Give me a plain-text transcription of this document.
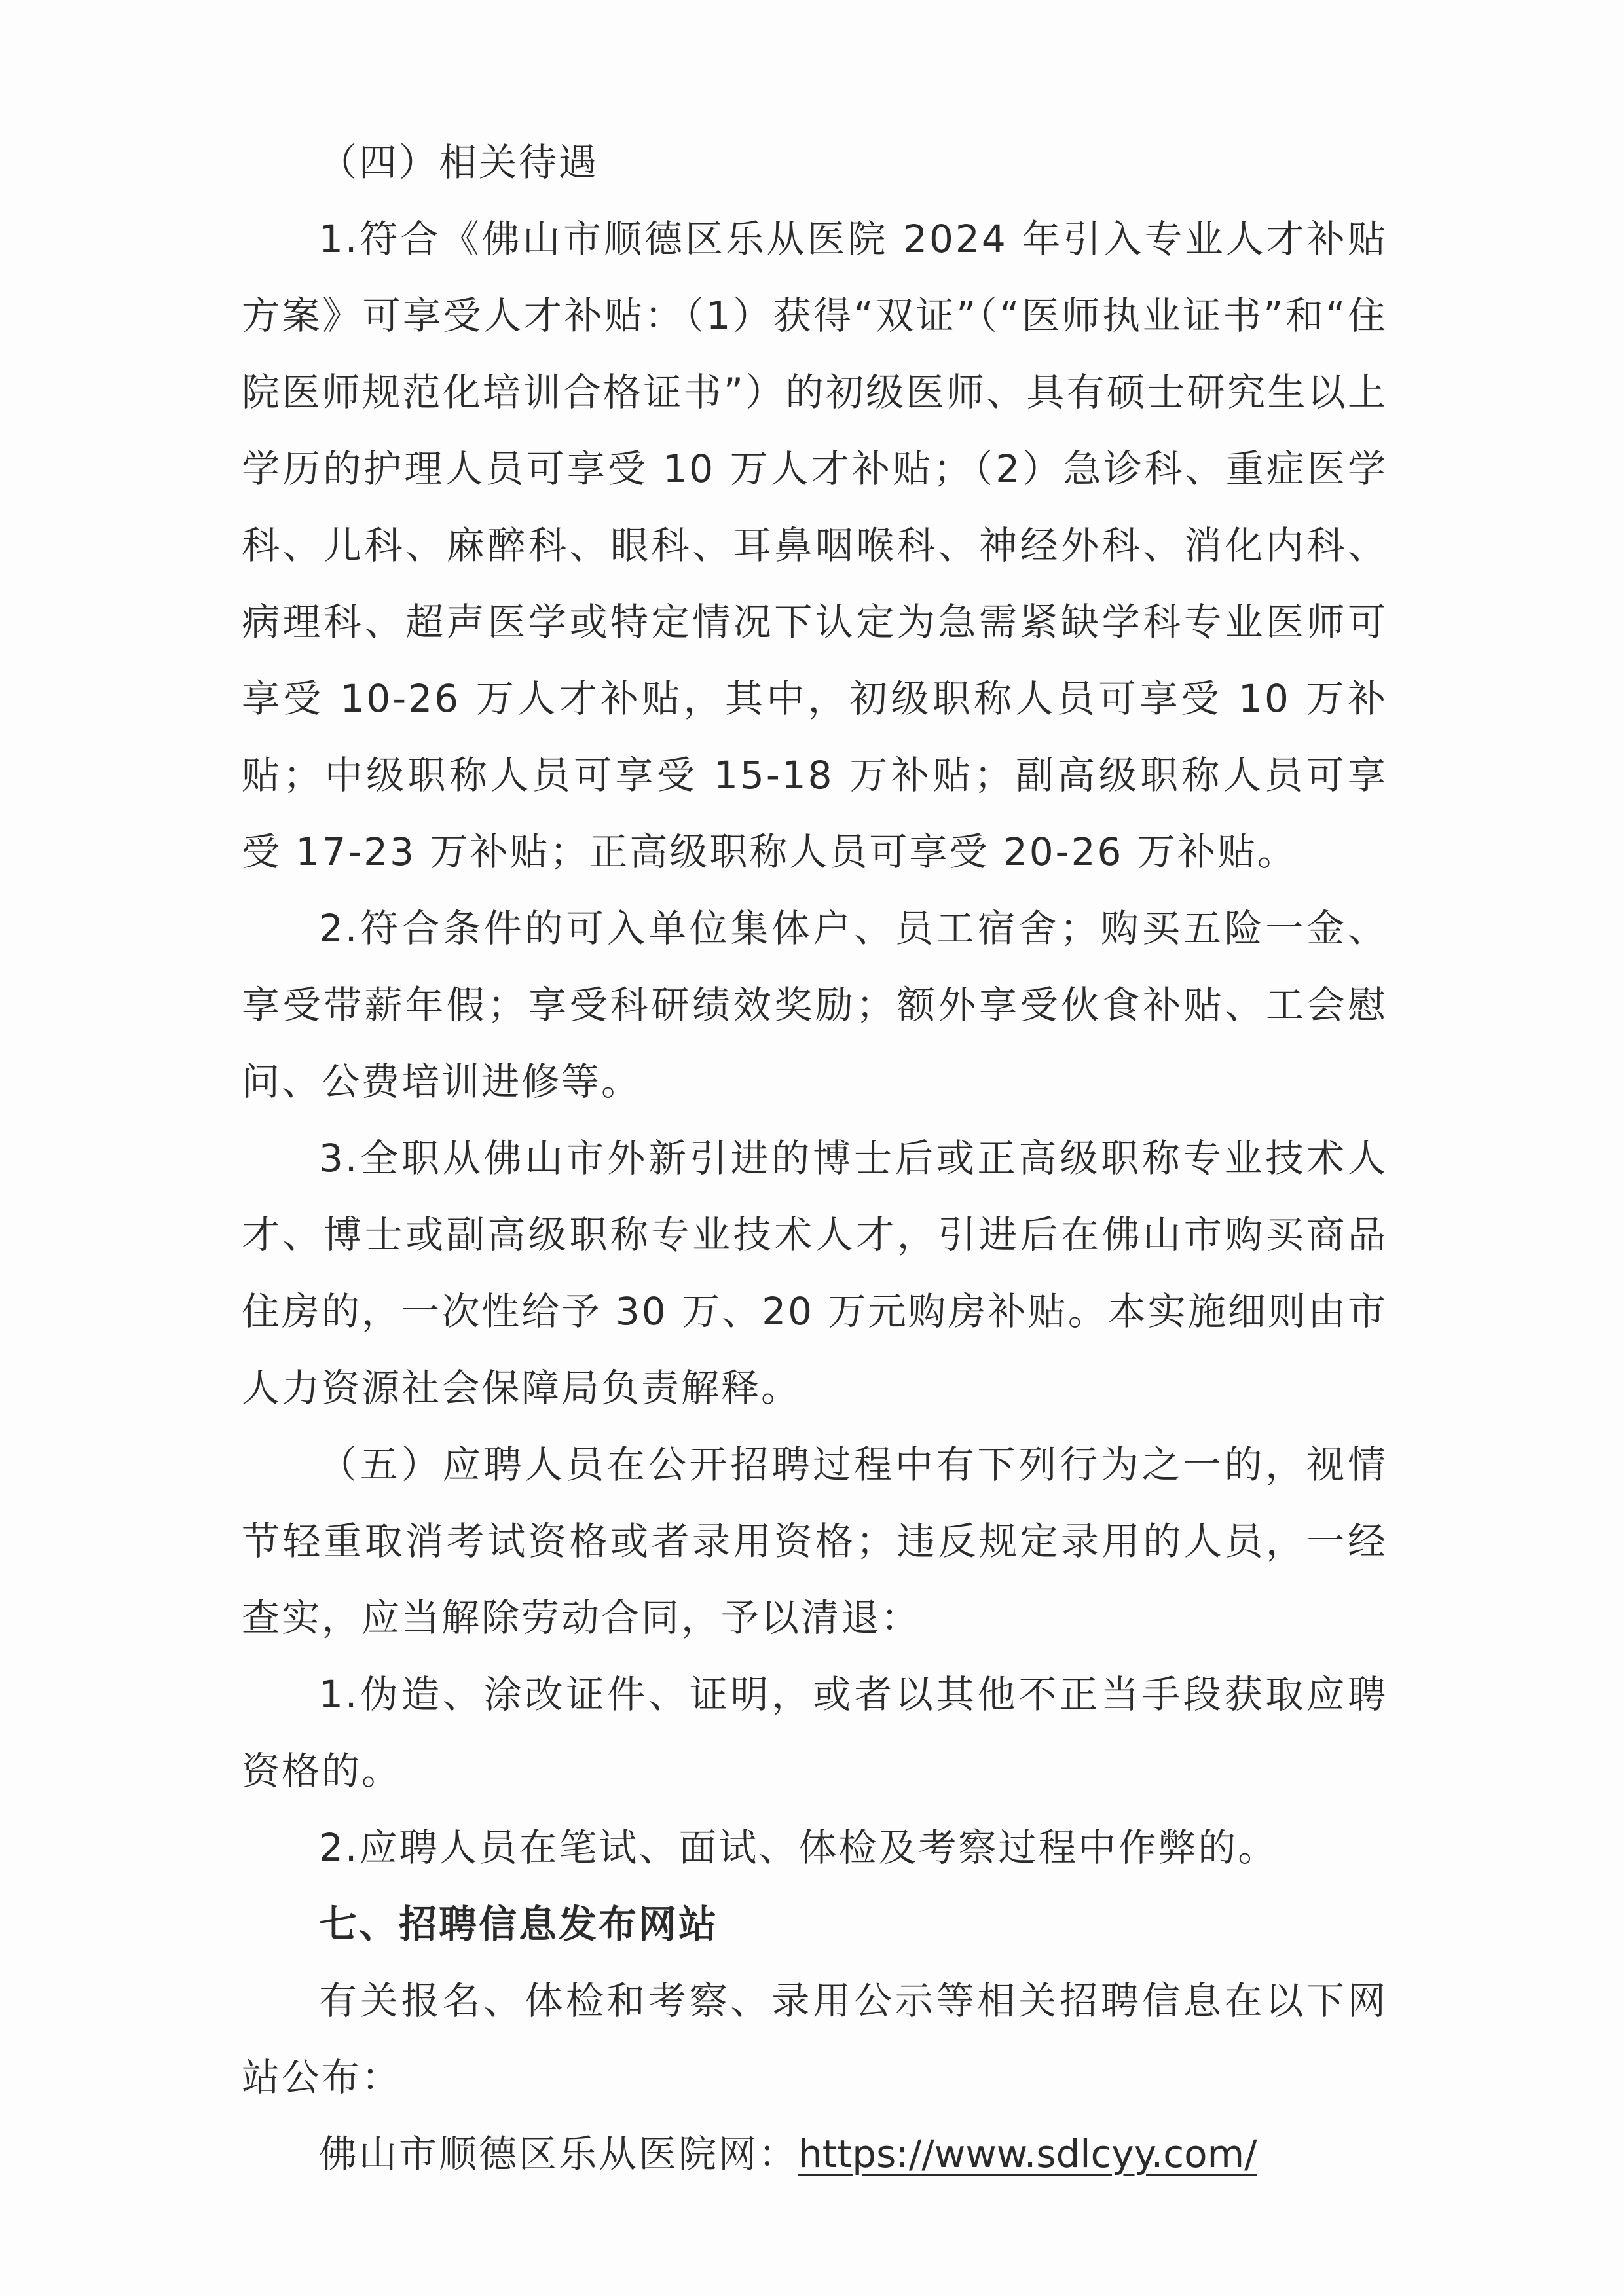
（四）相关待遇

1.符合《佛山市顺德区乐从医院 2024 年引入专业人才补贴方案》可享受人才补贴：（1）获得“双证”（“医师执业证书”和“住院医师规范化培训合格证书”）的初级医师、具有硕士研究生以上学历的护理人员可享受 10 万人才补贴；（2）急诊科、重症医学科、儿科、麻醉科、眼科、耳鼻咽喉科、神经外科、消化内科、病理科、超声医学或特定情况下认定为急需紧缺学科专业医师可享受 10-26 万人才补贴，其中，初级职称人员可享受 10 万补贴；中级职称人员可享受 15-18 万补贴；副高级职称人员可享受 17-23 万补贴；正高级职称人员可享受 20-26 万补贴。

2.符合条件的可入单位集体户、员工宿舍；购买五险一金、享受带薪年假；享受科研绩效奖励；额外享受伙食补贴、工会慰问、公费培训进修等。

3.全职从佛山市外新引进的博士后或正高级职称专业技术人才、博士或副高级职称专业技术人才，引进后在佛山市购买商品住房的，一次性给予 30 万、20 万元购房补贴。本实施细则由市人力资源社会保障局负责解释。

（五）应聘人员在公开招聘过程中有下列行为之一的，视情节轻重取消考试资格或者录用资格；违反规定录用的人员，一经查实，应当解除劳动合同，予以清退：

1.伪造、涂改证件、证明，或者以其他不正当手段获取应聘资格的。

2.应聘人员在笔试、面试、体检及考察过程中作弊的。

七、招聘信息发布网站

有关报名、体检和考察、录用公示等相关招聘信息在以下网站公布：

佛山市顺德区乐从医院网：https://www.sdlcyy.com/
